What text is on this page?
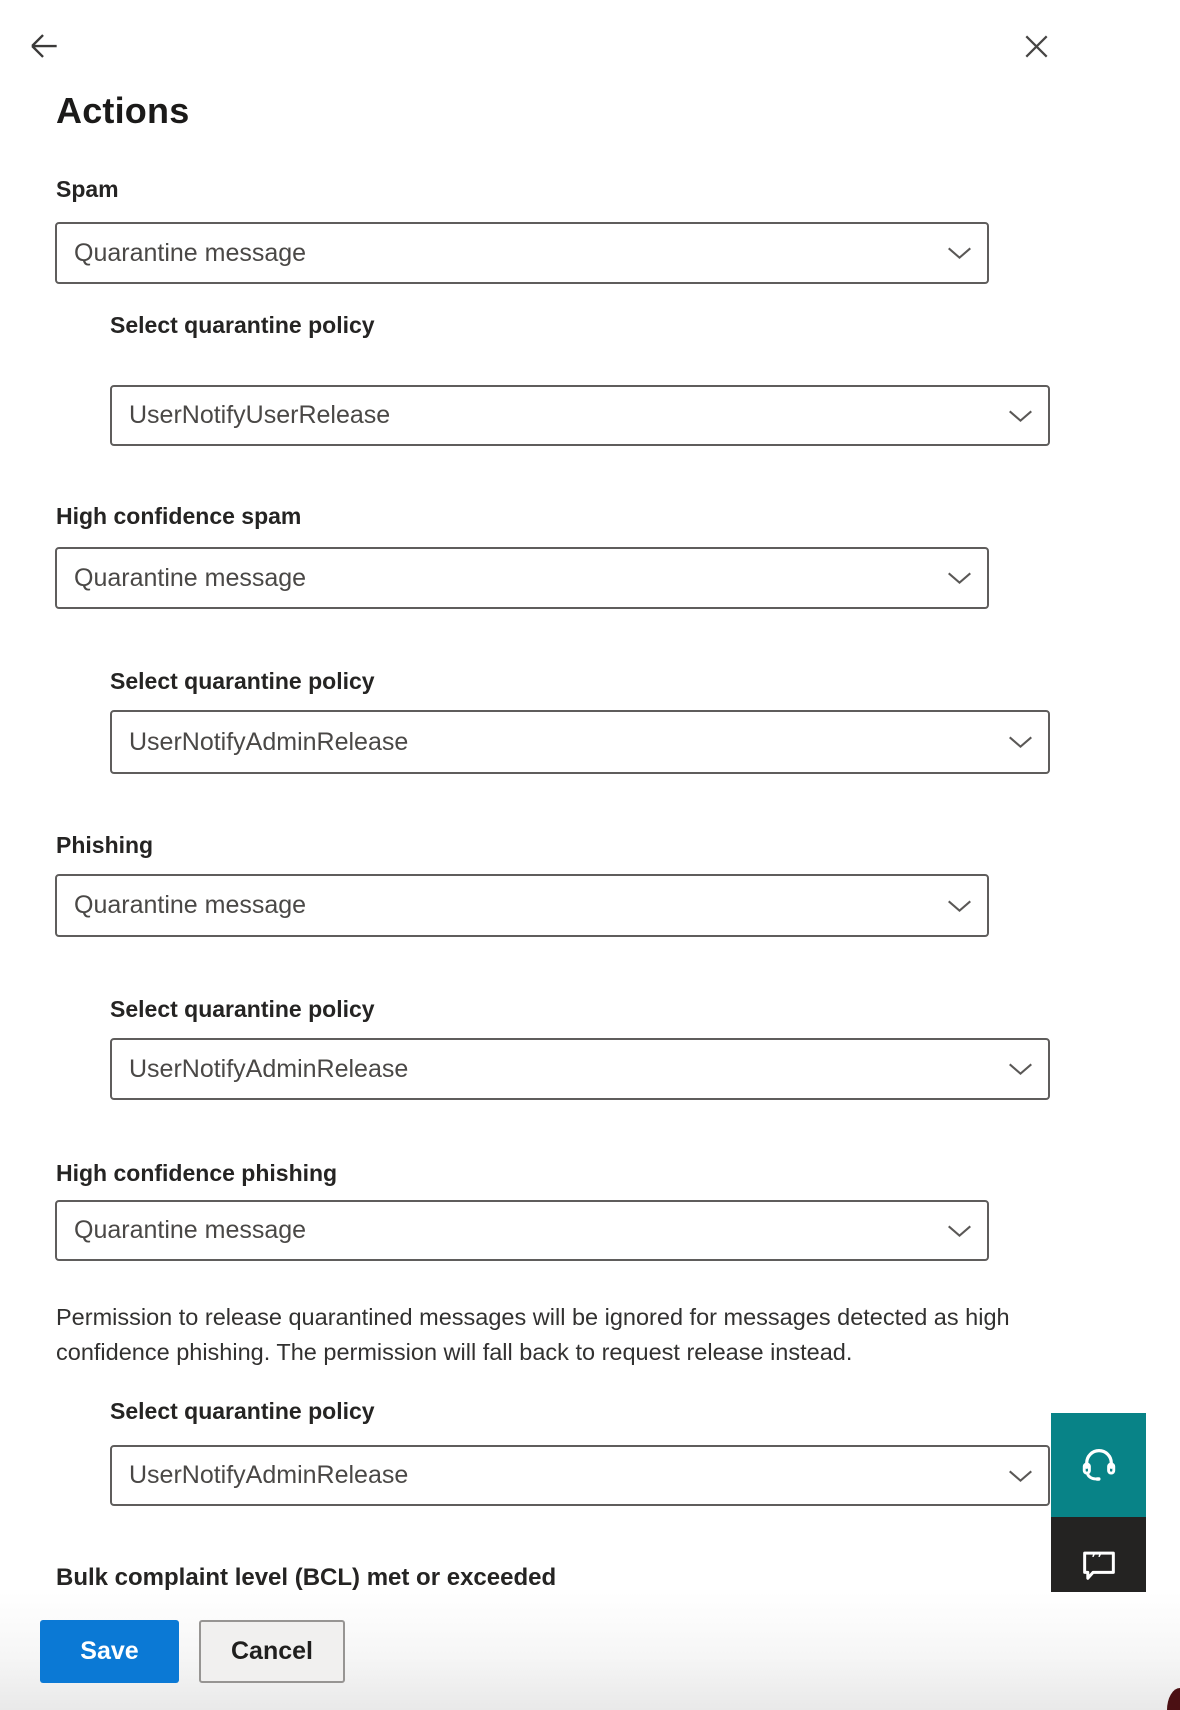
Actions
Spam
Quarantine message
Select quarantine policy
UserNotifyUserRelease
High confidence spam
Quarantine message
Select quarantine policy
UserNotifyAdminRelease
Phishing
Quarantine message
Select quarantine policy
UserNotifyAdminRelease
High confidence phishing
Quarantine message
Permission to release quarantined messages will be ignored for messages detected as high confidence phishing. The permission will fall back to request release instead.
Select quarantine policy
UserNotifyAdminRelease
Bulk complaint level (BCL) met or exceeded
’’
Save	Cancel
